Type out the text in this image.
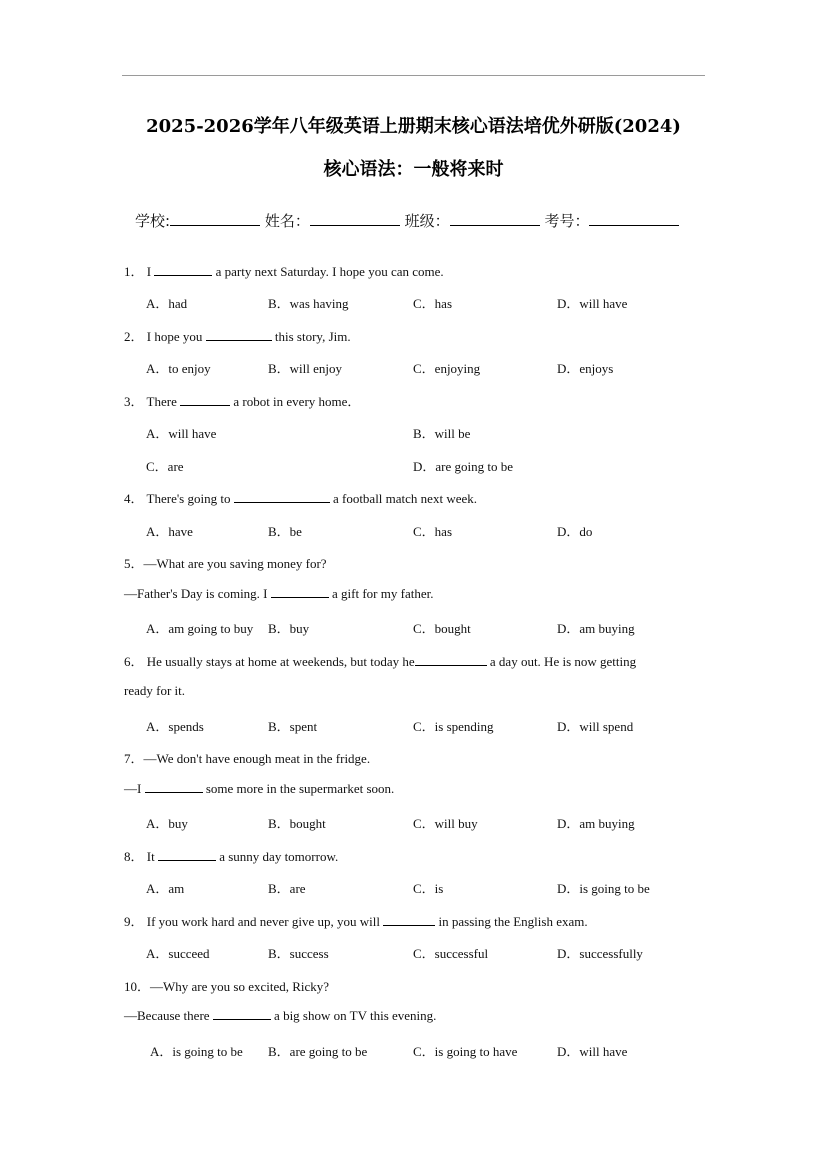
2025-2026学年八年级英语上册期末核心语法培优外研版(2024)
核心语法：一般将来时
学校:	姓名：	班级：	考号：
1． I	a party next Saturday. I hope you can come.
A．had	B．was having	C．has	D．will have
2． I hope you	this story, Jim.
A．to enjoy	B．will enjoy	C．enjoying	D．enjoys
3． There	a robot in every home．
A．will have	B．will be
C．are	D．are going to be
4． There's going to	a football match next week.
A．have	B．be	C．has	D．do
5．—What are you saving money for?
—Father's Day is coming. I	a gift for my father.
A．am going to buy B．buy	C．bought	D．am buying
6． He usually stays at home at weekends, but today he	a day out. He is now getting
ready for it.
A．spends	B．spent	C．is spending	D．will spend
7．—We don't have enough meat in the fridge.
—I	some more in the supermarket soon.
A．buy	B．bought	C．will buy	D．am buying
8． It	a sunny day tomorrow.
A．am	B．are	C．is	D．is going to be
9． If you work hard and never give up, you will	in passing the English exam.
A．succeed	B．success	C．successful	D．successfully
10．—Why are you so excited, Ricky?
—Because there	a big show on TV this evening.
A．is going to be B．are going to be	C．is going to have	D．will have
